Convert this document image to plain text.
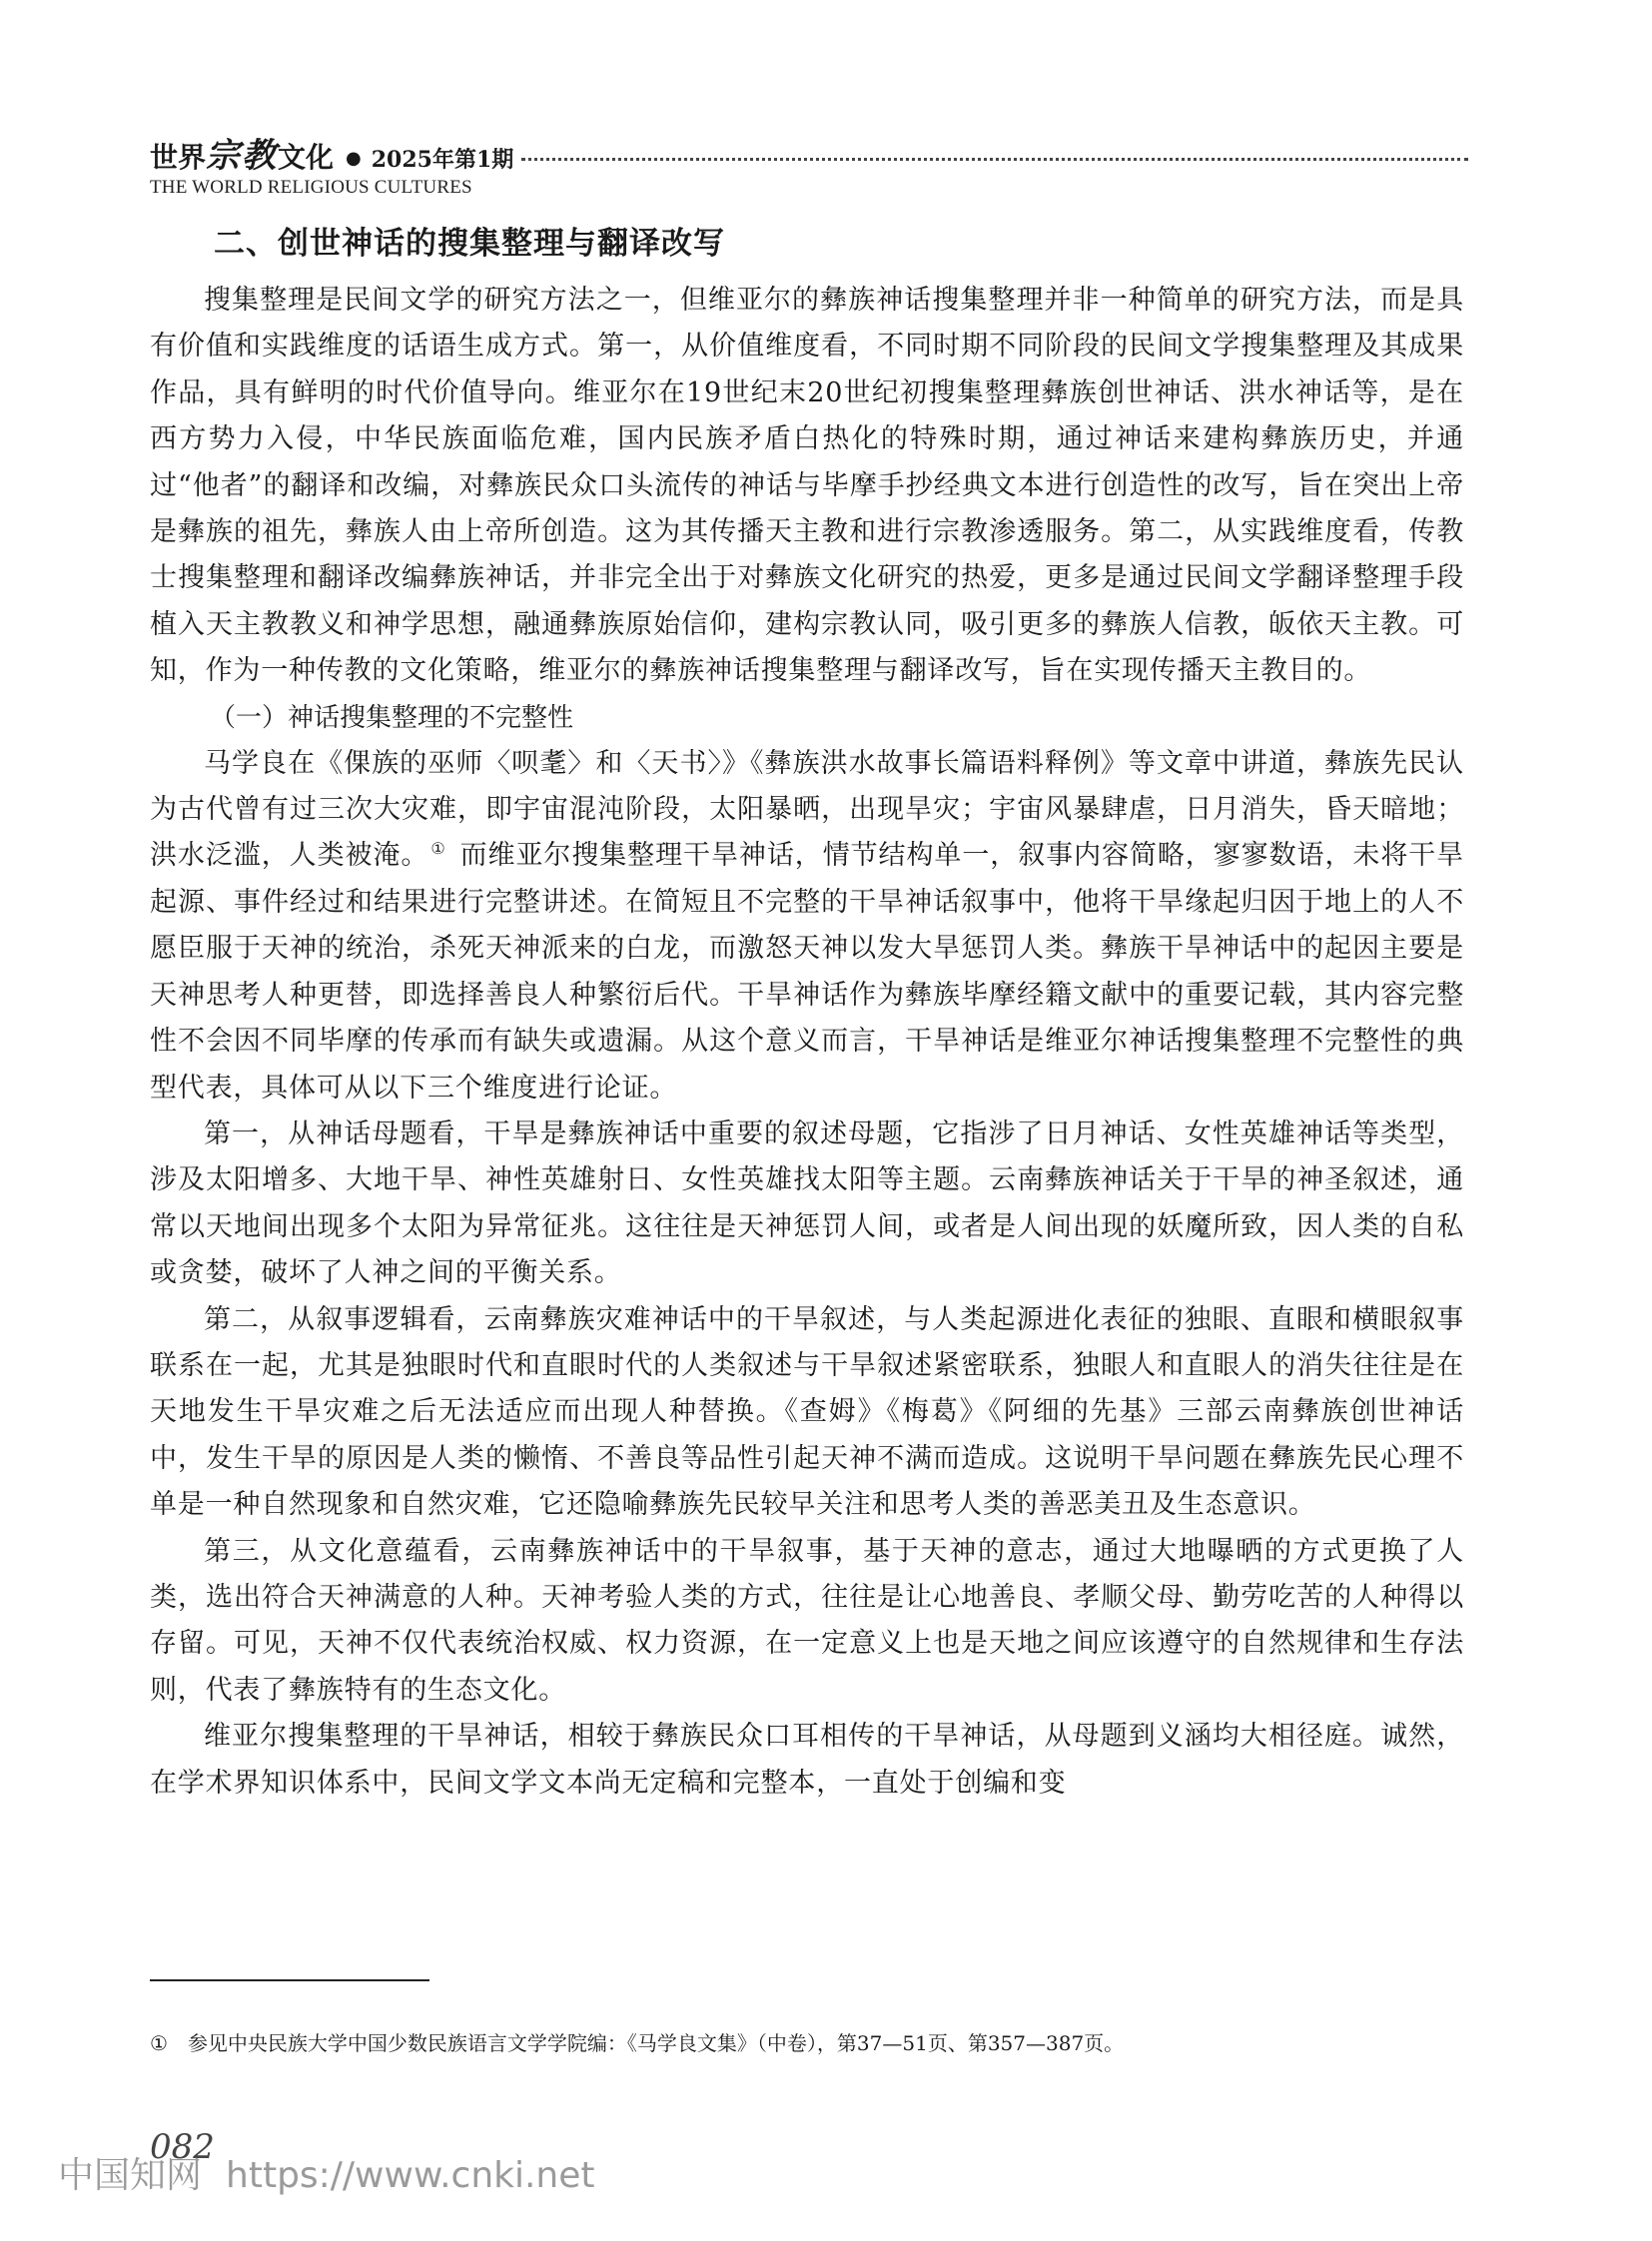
世界 宗教 文化 ● 2025年第1期
THE WORLD RELIGIOUS CULTURES
二、创世神话的搜集整理与翻译改写

搜集整理是民间文学的研究方法之一，但维亚尔的彝族神话搜集整理并非一种简单的研究方法，而是具有价值和实践维度的话语生成方式。第一，从价值维度看，不同时期不同阶段的民间文学搜集整理及其成果作品，具有鲜明的时代价值导向。维亚尔在19世纪末20世纪初搜集整理彝族创世神话、洪水神话等，是在西方势力入侵，中华民族面临危难，国内民族矛盾白热化的特殊时期，通过神话来建构彝族历史，并通过“他者”的翻译和改编，对彝族民众口头流传的神话与毕摩手抄经典文本进行创造性的改写，旨在突出上帝是彝族的祖先，彝族人由上帝所创造。这为其传播天主教和进行宗教渗透服务。第二，从实践维度看，传教士搜集整理和翻译改编彝族神话，并非完全出于对彝族文化研究的热爱，更多是通过民间文学翻译整理手段植入天主教教义和神学思想，融通彝族原始信仰，建构宗教认同，吸引更多的彝族人信教，皈依天主教。可知，作为一种传教的文化策略，维亚尔的彝族神话搜集整理与翻译改写，旨在实现传播天主教目的。

（一）神话搜集整理的不完整性

马学良在《倮族的巫师〈呗耄〉和〈天书〉》《彝族洪水故事长篇语料释例》等文章中讲道，彝族先民认为古代曾有过三次大灾难，即宇宙混沌阶段，太阳暴晒，出现旱灾；宇宙风暴肆虐，日月消失，昏天暗地；洪水泛滥，人类被淹。 ① 而维亚尔搜集整理干旱神话，情节结构单一，叙事内容简略，寥寥数语，未将干旱起源、事件经过和结果进行完整讲述。在简短且不完整的干旱神话叙事中，他将干旱缘起归因于地上的人不愿臣服于天神的统治，杀死天神派来的白龙，而激怒天神以发大旱惩罚人类。彝族干旱神话中的起因主要是天神思考人种更替，即选择善良人种繁衍后代。干旱神话作为彝族毕摩经籍文献中的重要记载，其内容完整性不会因不同毕摩的传承而有缺失或遗漏。从这个意义而言，干旱神话是维亚尔神话搜集整理不完整性的典型代表，具体可从以下三个维度进行论证。

第一，从神话母题看，干旱是彝族神话中重要的叙述母题，它指涉了日月神话、女性英雄神话等类型，涉及太阳增多、大地干旱、神性英雄射日、女性英雄找太阳等主题。云南彝族神话关于干旱的神圣叙述，通常以天地间出现多个太阳为异常征兆。这往往是天神惩罚人间，或者是人间出现的妖魔所致，因人类的自私或贪婪，破坏了人神之间的平衡关系。

第二，从叙事逻辑看，云南彝族灾难神话中的干旱叙述，与人类起源进化表征的独眼、直眼和横眼叙事联系在一起，尤其是独眼时代和直眼时代的人类叙述与干旱叙述紧密联系，独眼人和直眼人的消失往往是在天地发生干旱灾难之后无法适应而出现人种替换。《查姆》《梅葛》《阿细的先基》三部云南彝族创世神话中，发生干旱的原因是人类的懒惰、不善良等品性引起天神不满而造成。这说明干旱问题在彝族先民心理不单是一种自然现象和自然灾难，它还隐喻彝族先民较早关注和思考人类的善恶美丑及生态意识。

第三，从文化意蕴看，云南彝族神话中的干旱叙事，基于天神的意志，通过大地曝晒的方式更换了人类，选出符合天神满意的人种。天神考验人类的方式，往往是让心地善良、孝顺父母、勤劳吃苦的人种得以存留。可见，天神不仅代表统治权威、权力资源，在一定意义上也是天地之间应该遵守的自然规律和生存法则，代表了彝族特有的生态文化。

维亚尔搜集整理的干旱神话，相较于彝族民众口耳相传的干旱神话，从母题到义涵均大相径庭。诚然，在学术界知识体系中，民间文学文本尚无定稿和完整本，一直处于创编和变

① 参见中央民族大学中国少数民族语言文学学院编：《马学良文集》（中卷），第37—51页、第357—387页。
082
中国知网 https://www.cnki.net
